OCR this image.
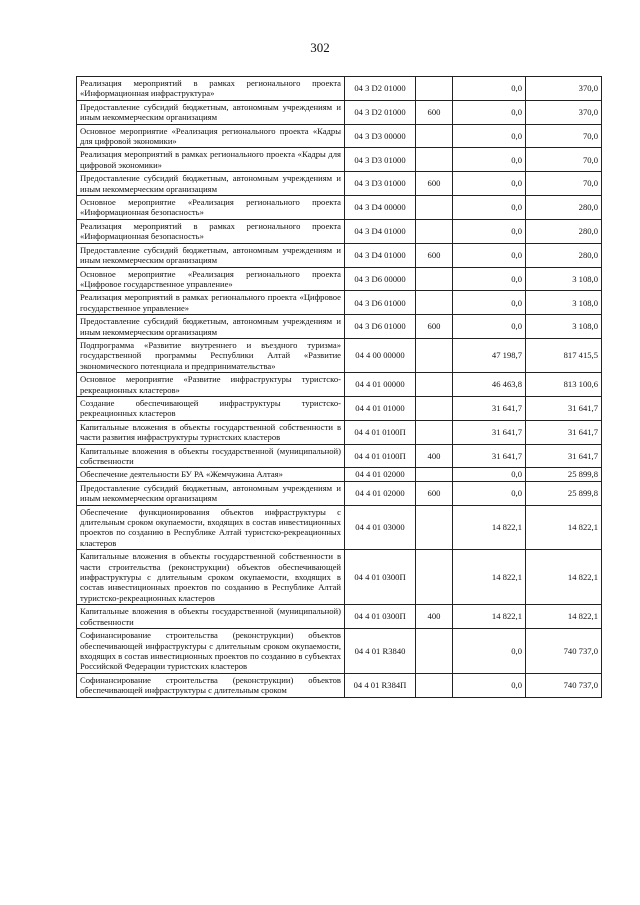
302
Реализация мероприятий в рамках регионального проекта «Информационная инфраструктура»	04 3 D2 01000		0,0	370,0
Предоставление субсидий бюджетным, автономным учреждениям и иным некоммерческим организациям	04 3 D2 01000	600	0,0	370,0
Основное мероприятие «Реализация регионального проекта «Кадры для цифровой экономики»	04 3 D3 00000		0,0	70,0
Реализация мероприятий в рамках регионального проекта «Кадры для цифровой экономики»	04 3 D3 01000		0,0	70,0
Предоставление субсидий бюджетным, автономным учреждениям и иным некоммерческим организациям	04 3 D3 01000	600	0,0	70,0
Основное мероприятие «Реализация регионального проекта «Информационная безопасность»	04 3 D4 00000		0,0	280,0
Реализация мероприятий в рамках регионального проекта «Информационная безопасность»	04 3 D4 01000		0,0	280,0
Предоставление субсидий бюджетным, автономным учреждениям и иным некоммерческим организациям	04 3 D4 01000	600	0,0	280,0
Основное мероприятие «Реализация регионального проекта «Цифровое государственное управление»	04 3 D6 00000		0,0	3 108,0
Реализация мероприятий в рамках регионального проекта «Цифровое государственное управление»	04 3 D6 01000		0,0	3 108,0
Предоставление субсидий бюджетным, автономным учреждениям и иным некоммерческим организациям	04 3 D6 01000	600	0,0	3 108,0
Подпрограмма «Развитие внутреннего и въездного туризма» государственной программы Республики Алтай «Развитие экономического потенциала и предпринимательства»	04 4 00 00000		47 198,7	817 415,5
Основное мероприятие «Развитие инфраструктуры туристско-рекреационных кластеров»	04 4 01 00000		46 463,8	813 100,6
Создание обеспечивающей инфраструктуры туристско-рекреационных кластеров	04 4 01 01000		31 641,7	31 641,7
Капитальные вложения в объекты государственной собственности в части развития инфраструктуры турнстских кластеров	04 4 01 0100П		31 641,7	31 641,7
Капитальные вложения в объекты государственной (муниципальной) собственности	04 4 01 0100П	400	31 641,7	31 641,7
Обеспечение деятельности БУ РА «Жемчужина Алтая»	04 4 01 02000		0,0	25 899,8
Предоставление субсидий бюджетным, автономным учреждениям и иным некоммерческим организациям	04 4 01 02000	600	0,0	25 899,8
Обеспечение функционирования объектов инфраструктуры с длительным сроком окупаемости, входящих в состав инвестиционных проектов по созданию в Республике Алтай туристско-рекреационных кластеров	04 4 01 03000		14 822,1	14 822,1
Капитальные вложения в объекты государственной собственности в части строительства (реконструкции) объектов обеспечивающей инфраструктуры с длительным сроком окупаемости, входящих в состав инвестиционных проектов по созданию в Республике Алтай туристско-рекреационных кластеров	04 4 01 0300П		14 822,1	14 822,1
Капитальные вложения в объекты государственной (муниципальной) собственности	04 4 01 0300П	400	14 822,1	14 822,1
Софинансирование строительства (реконструкции) объектов обеспечивающей инфраструктуры с длительным сроком окупаемости, входящих в состав инвестиционных проектов по созданию в субъектах Российской Федерации туристских кластеров	04 4 01 R3840		0,0	740 737,0
Софинансирование строительства (реконструкции) объектов обеспечивающей инфраструктуры с длительным сроком	04 4 01 R384П		0,0	740 737,0
